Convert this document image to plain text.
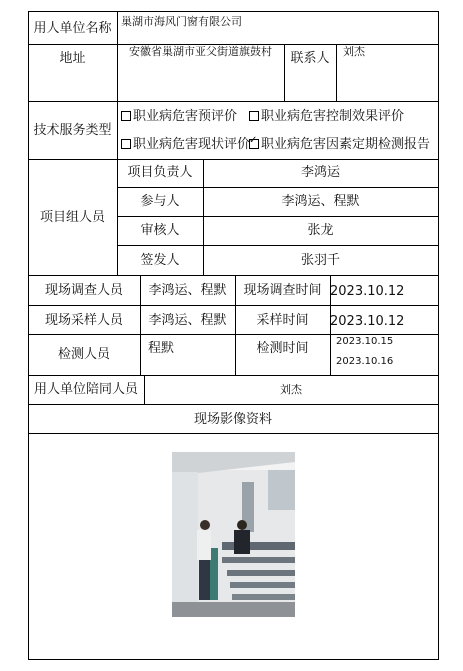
用人单位名称 巢湖市海风门窗有限公司
地址	安徽省巢湖市亚父街道旗鼓村	联系人	刘杰
技术服务类型
职业病危害预评价	职业病危害控制效果评价
职业病危害现状评价
✓ 职业病危害因素定期检测报告
项目组人员
项目负责人	李鸿运
参与人	李鸿运、程默
审核人	张龙
签发人	张羽千
现场调查人员	李鸿运、程默	现场调查时间 2023.10.12
现场采样人员	李鸿运、程默	采样时间	2023.10.12
检测人员	程默	检测时间	2023.10.15
2023.10.16
用人单位陪同人员	刘杰
现场影像资料
